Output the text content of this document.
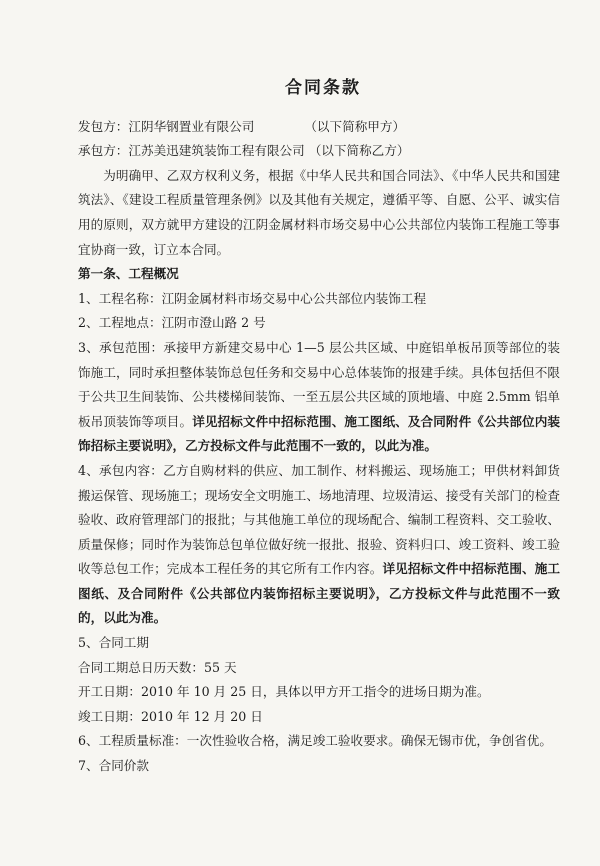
合同条款
发包方：江阴华钢置业有限公司	（以下简称甲方）
承包方：江苏美迅建筑装饰工程有限公司 （以下简称乙方）
为明确甲、乙双方权利义务，根据《中华人民共和国合同法》、《中华人民共和国建筑法》、《建设工程质量管理条例》以及其他有关规定，遵循平等、自愿、公平、诚实信用的原则，双方就甲方建设的江阴金属材料市场交易中心公共部位内装饰工程施工等事宜协商一致，订立本合同。
第一条、工程概况
1、工程名称：江阴金属材料市场交易中心公共部位内装饰工程
2、工程地点：江阴市澄山路 2 号
3、承包范围：承接甲方新建交易中心 1—5 层公共区域、中庭铝单板吊顶等部位的装饰施工，同时承担整体装饰总包任务和交易中心总体装饰的报建手续。具体包括但不限于公共卫生间装饰、公共楼梯间装饰、一至五层公共区域的顶地墙、中庭 2.5mm 铝单板吊顶装饰等项目。详见招标文件中招标范围、施工图纸、及合同附件《公共部位内装饰招标主要说明》，乙方投标文件与此范围不一致的，以此为准。
4、承包内容：乙方自购材料的供应、加工制作、材料搬运、现场施工；甲供材料卸货搬运保管、现场施工；现场安全文明施工、场地清理、垃圾清运、接受有关部门的检查验收、政府管理部门的报批；与其他施工单位的现场配合、编制工程资料、交工验收、质量保修；同时作为装饰总包单位做好统一报批、报验、资料归口、竣工资料、竣工验收等总包工作；完成本工程任务的其它所有工作内容。详见招标文件中招标范围、施工图纸、及合同附件《公共部位内装饰招标主要说明》，乙方投标文件与此范围不一致的，以此为准。
5、合同工期
合同工期总日历天数：55 天
开工日期：2010 年 10 月 25 日，具体以甲方开工指令的进场日期为准。
竣工日期：2010 年 12 月 20 日
6、工程质量标准：一次性验收合格，满足竣工验收要求。确保无锡市优，争创省优。
7、合同价款
